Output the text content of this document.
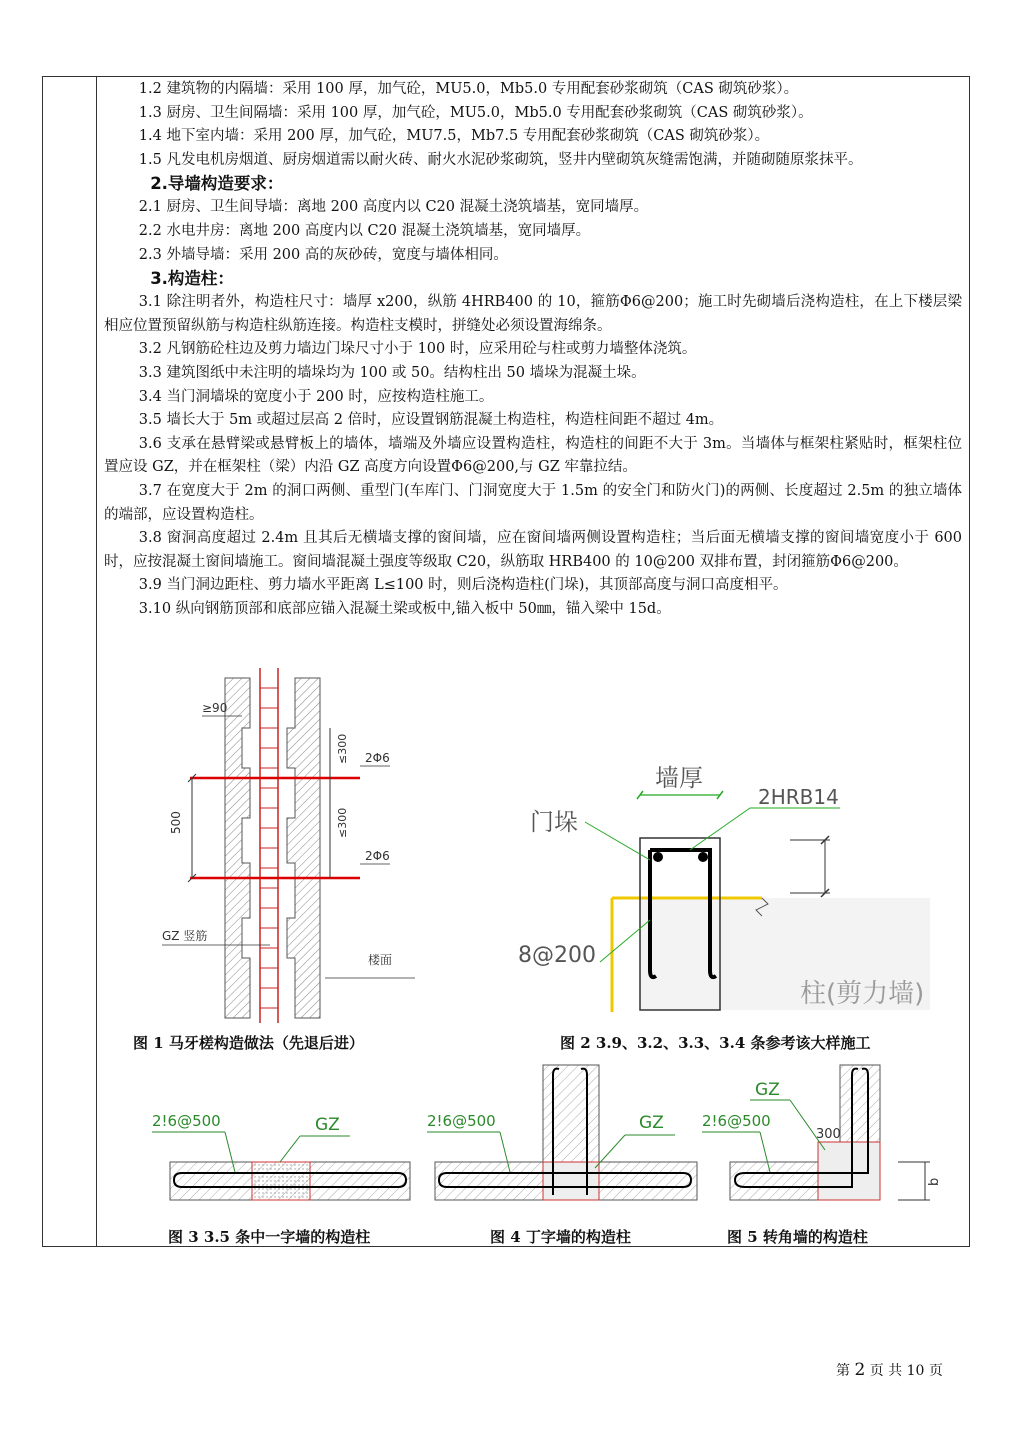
1.2 建筑物的内隔墙：采用 100 厚，加气砼，MU5.0，Mb5.0 专用配套砂浆砌筑（CAS 砌筑砂浆）。

1.3 厨房、卫生间隔墙：采用 100 厚，加气砼，MU5.0，Mb5.0 专用配套砂浆砌筑（CAS 砌筑砂浆）。

1.4 地下室内墙：采用 200 厚，加气砼，MU7.5，Mb7.5 专用配套砂浆砌筑（CAS 砌筑砂浆）。

1.5 凡发电机房烟道、厨房烟道需以耐火砖、耐火水泥砂浆砌筑，竖井内壁砌筑灰缝需饱满，并随砌随原浆抹平。

2.导墙构造要求：

2.1 厨房、卫生间导墙：离地 200 高度内以 C20 混凝土浇筑墙基，宽同墙厚。

2.2 水电井房：离地 200 高度内以 C20 混凝土浇筑墙基，宽同墙厚。

2.3 外墙导墙：采用 200 高的灰砂砖，宽度与墙体相同。

3.构造柱：

3.1 除注明者外，构造柱尺寸：墙厚 x200，纵筋 4HRB400 的 10，箍筋Φ6@200；施工时先砌墙后浇构造柱，在上下楼层梁相应位置预留纵筋与构造柱纵筋连接。构造柱支模时，拼缝处必须设置海绵条。

3.2 凡钢筋砼柱边及剪力墙边门垛尺寸小于 100 时，应采用砼与柱或剪力墙整体浇筑。

3.3 建筑图纸中未注明的墙垛均为 100 或 50。结构柱出 50 墙垛为混凝土垛。

3.4 当门洞墙垛的宽度小于 200 时，应按构造柱施工。

3.5 墙长大于 5m 或超过层高 2 倍时，应设置钢筋混凝土构造柱，构造柱间距不超过 4m。

3.6 支承在悬臂梁或悬臂板上的墙体，墙端及外墙应设置构造柱，构造柱的间距不大于 3m。当墙体与框架柱紧贴时，框架柱位置应设 GZ，并在框架柱（梁）内沿 GZ 高度方向设置Φ6@200,与 GZ 牢靠拉结。

3.7 在宽度大于 2m 的洞口两侧、重型门(车库门、门洞宽度大于 1.5m 的安全门和防火门)的两侧、长度超过 2.5m 的独立墙体的端部，应设置构造柱。

3.8 窗洞高度超过 2.4m 且其后无横墙支撑的窗间墙，应在窗间墙两侧设置构造柱；当后面无横墙支撑的窗间墙宽度小于 600 时，应按混凝土窗间墙施工。窗间墙混凝土强度等级取 C20，纵筋取 HRB400 的 10@200 双排布置，封闭箍筋Φ6@200。

3.9 当门洞边距柱、剪力墙水平距离 L≤100 时，则后浇构造柱(门垛)，其顶部高度与洞口高度相平。

3.10 纵向钢筋顶部和底部应锚入混凝土梁或板中,锚入板中 50㎜，锚入梁中 15d。

500
≤300
≤300
2Φ6
2Φ6
≥90
GZ 竖筋
楼面
图 1 马牙槎构造做法（先退后进）
墙厚
2HRB14
门垛
8@200
柱(剪力墙)
图 2 3.9、3.2、3.3、3.4 条参考该大样施工
2!6@500	GZ
图 3 3.5 条中一字墙的构造柱
2!6@500	GZ
图 4 丁字墙的构造柱
2!6@500
GZ
300
b
图 5 转角墙的构造柱
第 2 页 共 10 页
